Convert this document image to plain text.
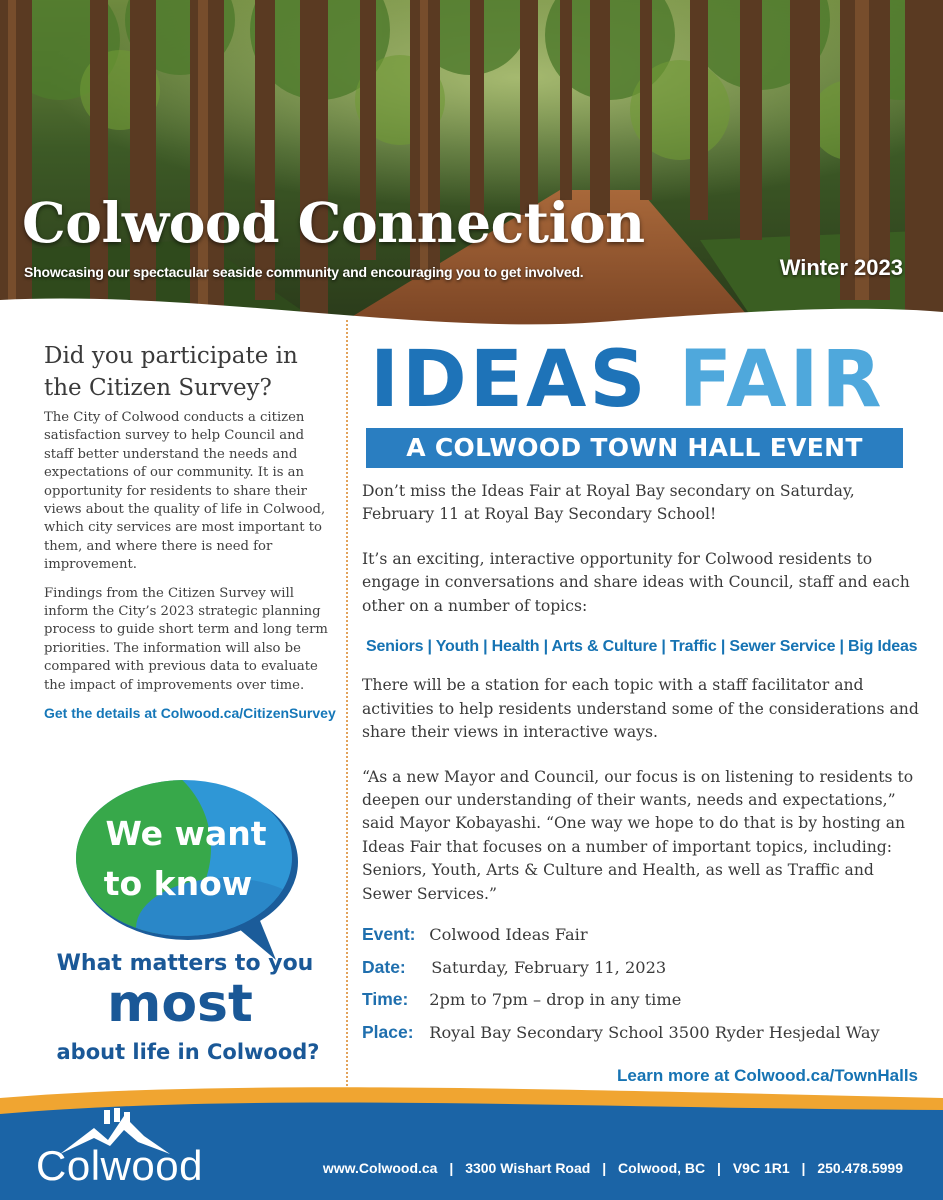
Colwood Connection
Showcasing our spectacular seaside community and encouraging you to get involved.	Winter 2023
Did you participate in the Citizen Survey?

The City of Colwood conducts a citizen satisfaction survey to help Council and staff better understand the needs and expectations of our community. It is an opportunity for residents to share their views about the quality of life in Colwood, which city services are most important to them, and where there is need for improvement.

Findings from the Citizen Survey will inform the City’s 2023 strategic planning process to guide short term and long term priorities. The information will also be compared with previous data to evaluate the impact of improvements over time.

Get the details at Colwood.ca/CitizenSurvey

We want
to know
What matters to you
most
about life in Colwood?
IDEAS FAIR
A COLWOOD TOWN HALL EVENT

Don’t miss the Ideas Fair at Royal Bay secondary on Saturday, February 11 at Royal Bay Secondary School!

It’s an exciting, interactive opportunity for Colwood residents to engage in conversations and share ideas with Council, staff and each other on a number of topics:

Seniors | Youth | Health | Arts & Culture | Traffic | Sewer Service | Big Ideas

There will be a station for each topic with a staff facilitator and activities to help residents understand some of the considerations and share their views in interactive ways.

“As a new Mayor and Council, our focus is on listening to residents to deepen our understanding of their wants, needs and expectations,” said Mayor Kobayashi. “One way we hope to do that is by hosting an Ideas Fair that focuses on a number of important topics, including: Seniors, Youth, Arts & Culture and Health, as well as Traffic and Sewer Services.”

Event: Colwood Ideas Fair
Date: Saturday, February 11, 2023
Time: 2pm to 7pm – drop in any time
Place: Royal Bay Secondary School 3500 Ryder Hesjedal Way
Learn more at Colwood.ca/TownHalls
Colwood	www.Colwood.ca | 3300 Wishart Road | Colwood, BC | V9C 1R1 | 250.478.5999
